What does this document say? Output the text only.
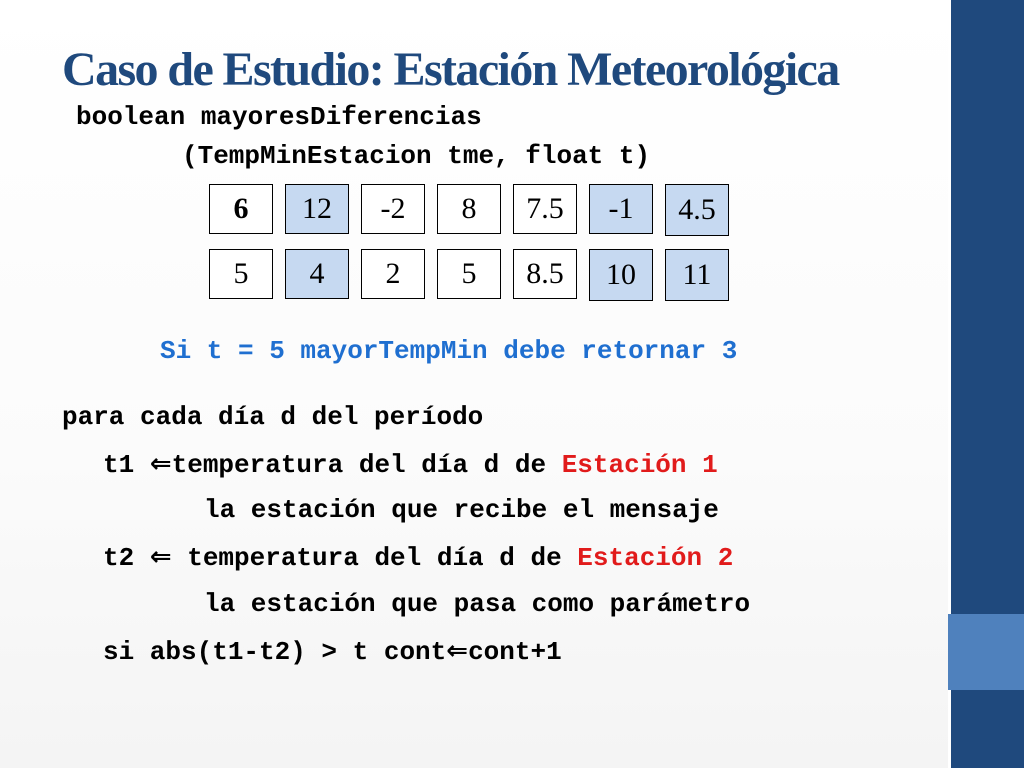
Caso de Estudio: Estación Meteorológica
boolean mayoresDiferencias
(TempMinEstacion tme, float t)
6	12	-2	8	7.5	-1	4.5
5	4	2	5	8.5	10	11
Si t = 5 mayorTempMin debe retornar 3
para cada día d del período
t1 ⇐temperatura del día d de Estación 1
la estación que recibe el mensaje
t2 ⇐ temperatura del día d de Estación 2
la estación que pasa como parámetro
si abs(t1-t2) > t cont⇐cont+1
